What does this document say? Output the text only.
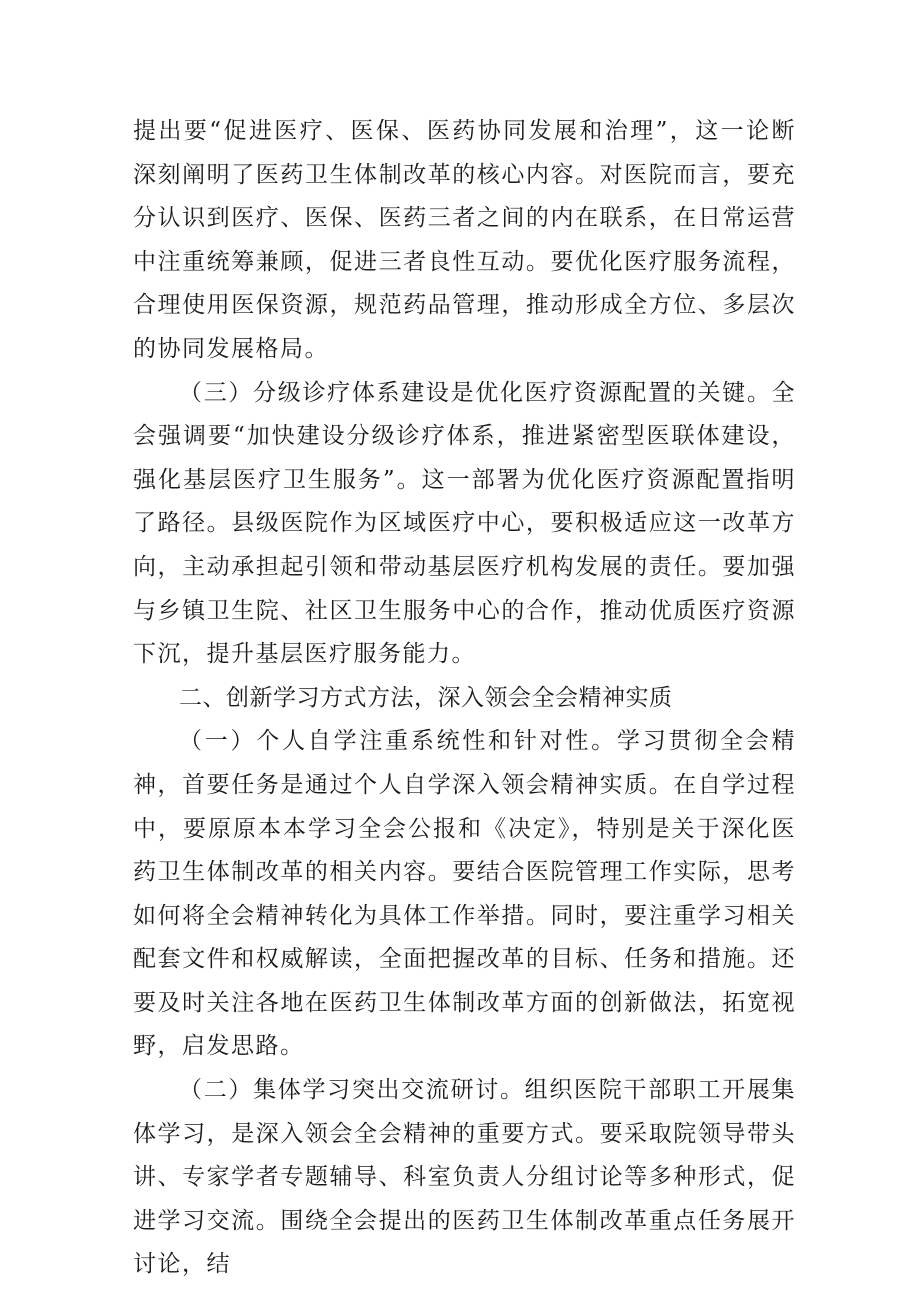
提出要“促进医疗、医保、医药协同发展和治理”，这一论断深刻阐明了医药卫生体制改革的核心内容。对医院而言，要充分认识到医疗、医保、医药三者之间的内在联系，在日常运营中注重统筹兼顾，促进三者良性互动。要优化医疗服务流程，合理使用医保资源，规范药品管理，推动形成全方位、多层次的协同发展格局。

（三）分级诊疗体系建设是优化医疗资源配置的关键。全会强调要“加快建设分级诊疗体系，推进紧密型医联体建设，强化基层医疗卫生服务”。这一部署为优化医疗资源配置指明了路径。县级医院作为区域医疗中心，要积极适应这一改革方向，主动承担起引领和带动基层医疗机构发展的责任。要加强与乡镇卫生院、社区卫生服务中心的合作，推动优质医疗资源下沉，提升基层医疗服务能力。

二、创新学习方式方法，深入领会全会精神实质

（一）个人自学注重系统性和针对性。学习贯彻全会精神，首要任务是通过个人自学深入领会精神实质。在自学过程中，要原原本本学习全会公报和《决定》，特别是关于深化医药卫生体制改革的相关内容。要结合医院管理工作实际，思考如何将全会精神转化为具体工作举措。同时，要注重学习相关配套文件和权威解读，全面把握改革的目标、任务和措施。还要及时关注各地在医药卫生体制改革方面的创新做法，拓宽视野，启发思路。

（二）集体学习突出交流研讨。组织医院干部职工开展集体学习，是深入领会全会精神的重要方式。要采取院领导带头讲、专家学者专题辅导、科室负责人分组讨论等多种形式，促进学习交流。围绕全会提出的医药卫生体制改革重点任务展开讨论，结
